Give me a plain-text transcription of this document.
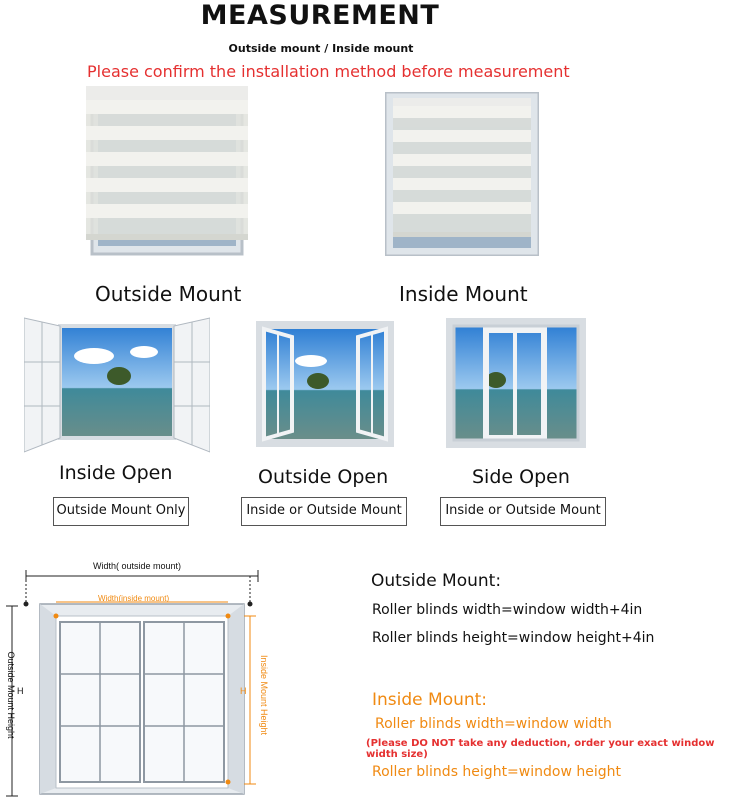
MEASUREMENT
Outside mount / Inside mount
Please confirm the installation method before measurement
Outside Mount	Inside Mount
Inside Open	Outside Open	Side Open
Outside Mount Only	Inside or Outside Mount	Inside or Outside Mount
Width( outside mount)
Width(inside mount)
Outside Mount Height H	Inside Mount Height
H
Outside Mount:
Roller blinds width=window width+4in
Roller blinds height=window height+4in
Inside Mount:
Roller blinds width=window width
(Please DO NOT take any deduction, order your exact window width size)
Roller blinds height=window height
